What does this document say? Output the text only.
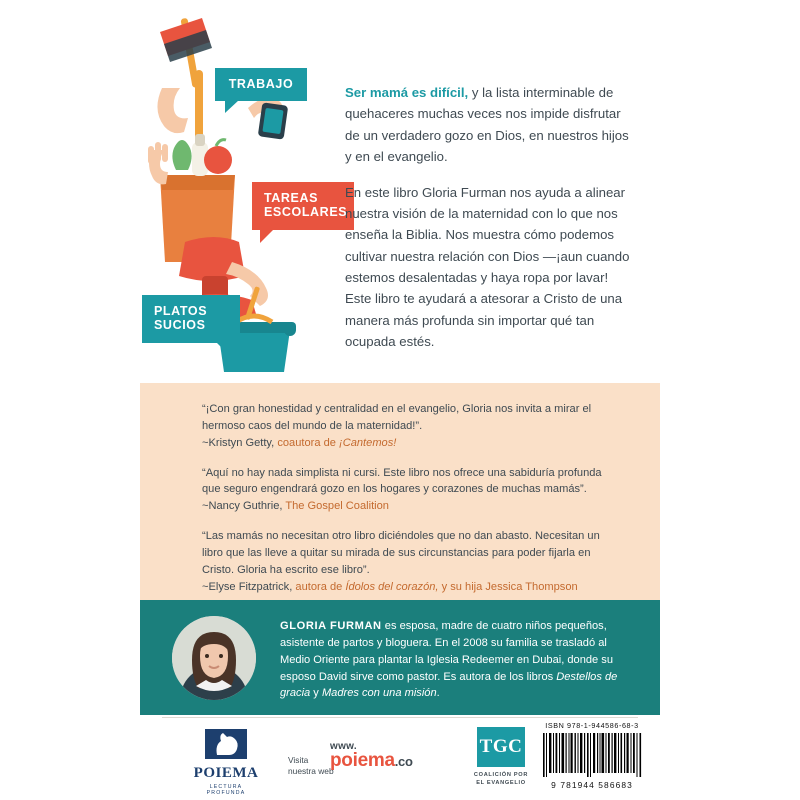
TRABAJO
TAREAS
ESCOLARES
PLATOS
SUCIOS

Ser mamá es difícil, y la lista interminable de quehaceres muchas veces nos impide disfrutar de un verdadero gozo en Dios, en nuestros hijos y en el evangelio.

En este libro Gloria Furman nos ayuda a alinear nuestra visión de la maternidad con lo que nos enseña la Biblia. Nos muestra cómo podemos cultivar nuestra relación con Dios —¡aun cuando estemos desalentadas y haya ropa por lavar! Este libro te ayudará a atesorar a Cristo de una manera más profunda sin importar qué tan ocupada estés.

“¡Con gran honestidad y centralidad en el evangelio, Gloria nos invita a mirar el hermoso caos del mundo de la maternidad!”.
~Kristyn Getty, coautora de ¡Cantemos!
“Aquí no hay nada simplista ni cursi. Este libro nos ofrece una sabiduría profunda que seguro engendrará gozo en los hogares y corazones de muchas mamás”.
~Nancy Guthrie, The Gospel Coalition
“Las mamás no necesitan otro libro diciéndoles que no dan abasto. Necesitan un libro que las lleve a quitar su mirada de sus circunstancias para poder fijarla en Cristo. Gloria ha escrito ese libro”.
~Elyse Fitzpatrick, autora de Ídolos del corazón, y su hija Jessica Thompson
GLORIA FURMAN es esposa, madre de cuatro niños pequeños, asistente de partos y bloguera. En el 2008 su familia se trasladó al Medio Oriente para plantar la Iglesia Redeemer en Dubai, donde su esposo David sirve como pastor. Es autora de los libros Destellos de gracia y Madres con una misión.
POIEMA
LECTURA PROFUNDA
Visita
nuestra web
www.
poiema.co
TGC
COALICIÓN POR
EL EVANGELIO
ISBN 978-1-944586-68-3
9 781944 586683
